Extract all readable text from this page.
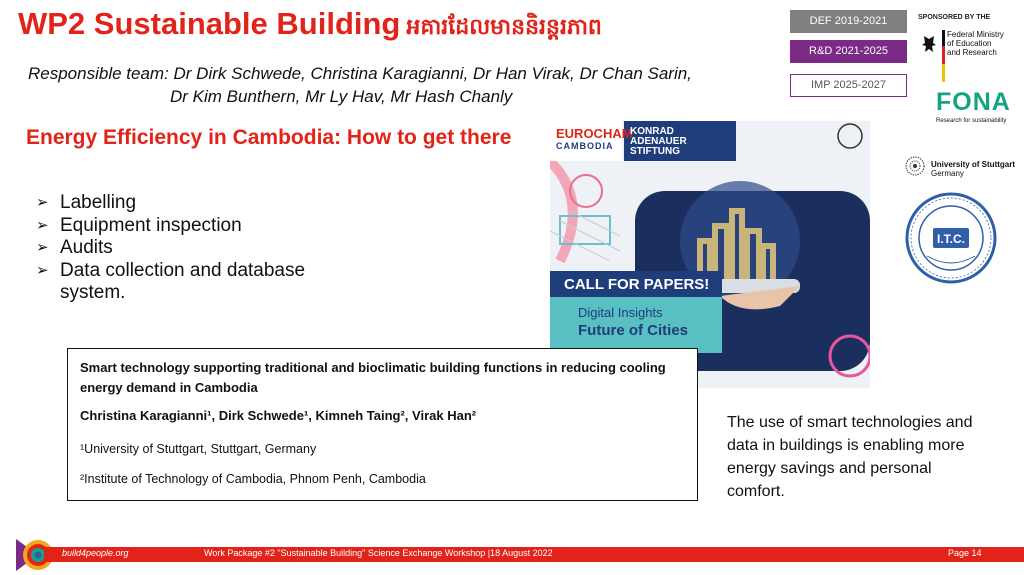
WP2 Sustainable Building អគារដែលមាននិរន្តរភាព
Responsible team: Dr Dirk Schwede, Christina Karagianni, Dr Han Virak, Dr Chan Sarin,
Dr Kim Bunthern, Mr Ly Hav, Mr Hash Chanly
Energy Efficiency in Cambodia: How to get there
➢ Labelling
➢ Equipment inspection
➢ Audits
➢ Data collection and database system.
DEF 2019-2021
R&D 2021-2025
IMP 2025-2027
SPONSORED BY THE
Federal Ministry
of Education
and Research
FONA
Research for sustainability
University of Stuttgart
Germany
I.T.C.
EUROCHAM
CAMBODIA
KONRAD
ADENAUER
STIFTUNG
CALL FOR PAPERS!
Digital Insights
Future of Cities
Smart technology supporting traditional and bioclimatic building functions in reducing cooling energy demand in Cambodia
Christina Karagianni¹, Dirk Schwede¹, Kimneh Taing², Virak Han²
¹University of Stuttgart, Stuttgart, Germany
²Institute of Technology of Cambodia, Phnom Penh, Cambodia
The use of smart technologies and data in buildings is enabling more energy savings and personal comfort.
build4people.org	Work Package #2 "Sustainable Building" Science Exchange Workshop |18 August 2022	Page 14
